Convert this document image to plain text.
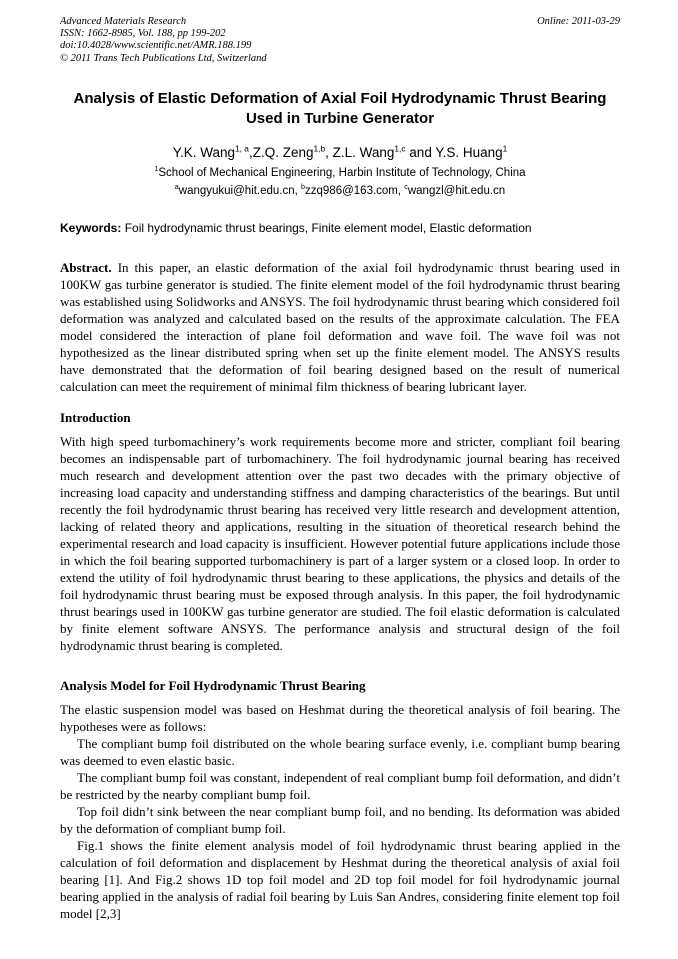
Advanced Materials Research
ISSN: 1662-8985, Vol. 188, pp 199-202
doi:10.4028/www.scientific.net/AMR.188.199
© 2011 Trans Tech Publications Ltd, Switzerland
Online: 2011-03-29
Analysis of Elastic Deformation of Axial Foil Hydrodynamic Thrust Bearing Used in Turbine Generator
Y.K. Wang$^{1, a}$,Z.Q. Zeng$^{1,b}$, Z.L. Wang$^{1,c}$ and Y.S. Huang$^1$
$^1$School of Mechanical Engineering, Harbin Institute of Technology, China
$^a$wangyukui@hit.edu.cn, $^b$zzq986@163.com, $^c$wangzl@hit.edu.cn
Keywords: Foil hydrodynamic thrust bearings, Finite element model, Elastic deformation
Abstract. In this paper, an elastic deformation of the axial foil hydrodynamic thrust bearing used in 100KW gas turbine generator is studied. The finite element model of the foil hydrodynamic thrust bearing was established using Solidworks and ANSYS. The foil hydrodynamic thrust bearing which considered foil deformation was analyzed and calculated based on the results of the approximate calculation. The FEA model considered the interaction of plane foil deformation and wave foil. The wave foil was not hypothesized as the linear distributed spring when set up the finite element model. The ANSYS results have demonstrated that the deformation of foil bearing designed based on the result of numerical calculation can meet the requirement of minimal film thickness of bearing lubricant layer.
Introduction

With high speed turbomachinery’s work requirements become more and stricter, compliant foil bearing becomes an indispensable part of turbomachinery. The foil hydrodynamic journal bearing has received much research and development attention over the past two decades with the primary objective of increasing load capacity and understanding stiffness and damping characteristics of the bearings. But until recently the foil hydrodynamic thrust bearing has received very little research and development attention, lacking of related theory and applications, resulting in the situation of theoretical research behind the experimental research and load capacity is insufficient. However potential future applications include those in which the foil bearing supported turbomachinery is part of a larger system or a closed loop. In order to extend the utility of foil hydrodynamic thrust bearing to these applications, the physics and details of the foil hydrodynamic thrust bearing must be exposed through analysis. In this paper, the foil hydrodynamic thrust bearings used in 100KW gas turbine generator are studied. The foil elastic deformation is calculated by finite element software ANSYS. The performance analysis and structural design of the foil hydrodynamic thrust bearing is completed.

Analysis Model for Foil Hydrodynamic Thrust Bearing

The elastic suspension model was based on Heshmat during the theoretical analysis of foil bearing. The hypotheses were as follows:

The compliant bump foil distributed on the whole bearing surface evenly, i.e. compliant bump bearing was deemed to even elastic basic.

The compliant bump foil was constant, independent of real compliant bump foil deformation, and didn’t be restricted by the nearby compliant bump foil.

Top foil didn’t sink between the near compliant bump foil, and no bending. Its deformation was abided by the deformation of compliant bump foil.

Fig.1 shows the finite element analysis model of foil hydrodynamic thrust bearing applied in the calculation of foil deformation and displacement by Heshmat during the theoretical analysis of axial foil bearing [1]. And Fig.2 shows 1D top foil model and 2D top foil model for foil hydrodynamic journal bearing applied in the analysis of radial foil bearing by Luis San Andres, considering finite element top foil model [2,3]
